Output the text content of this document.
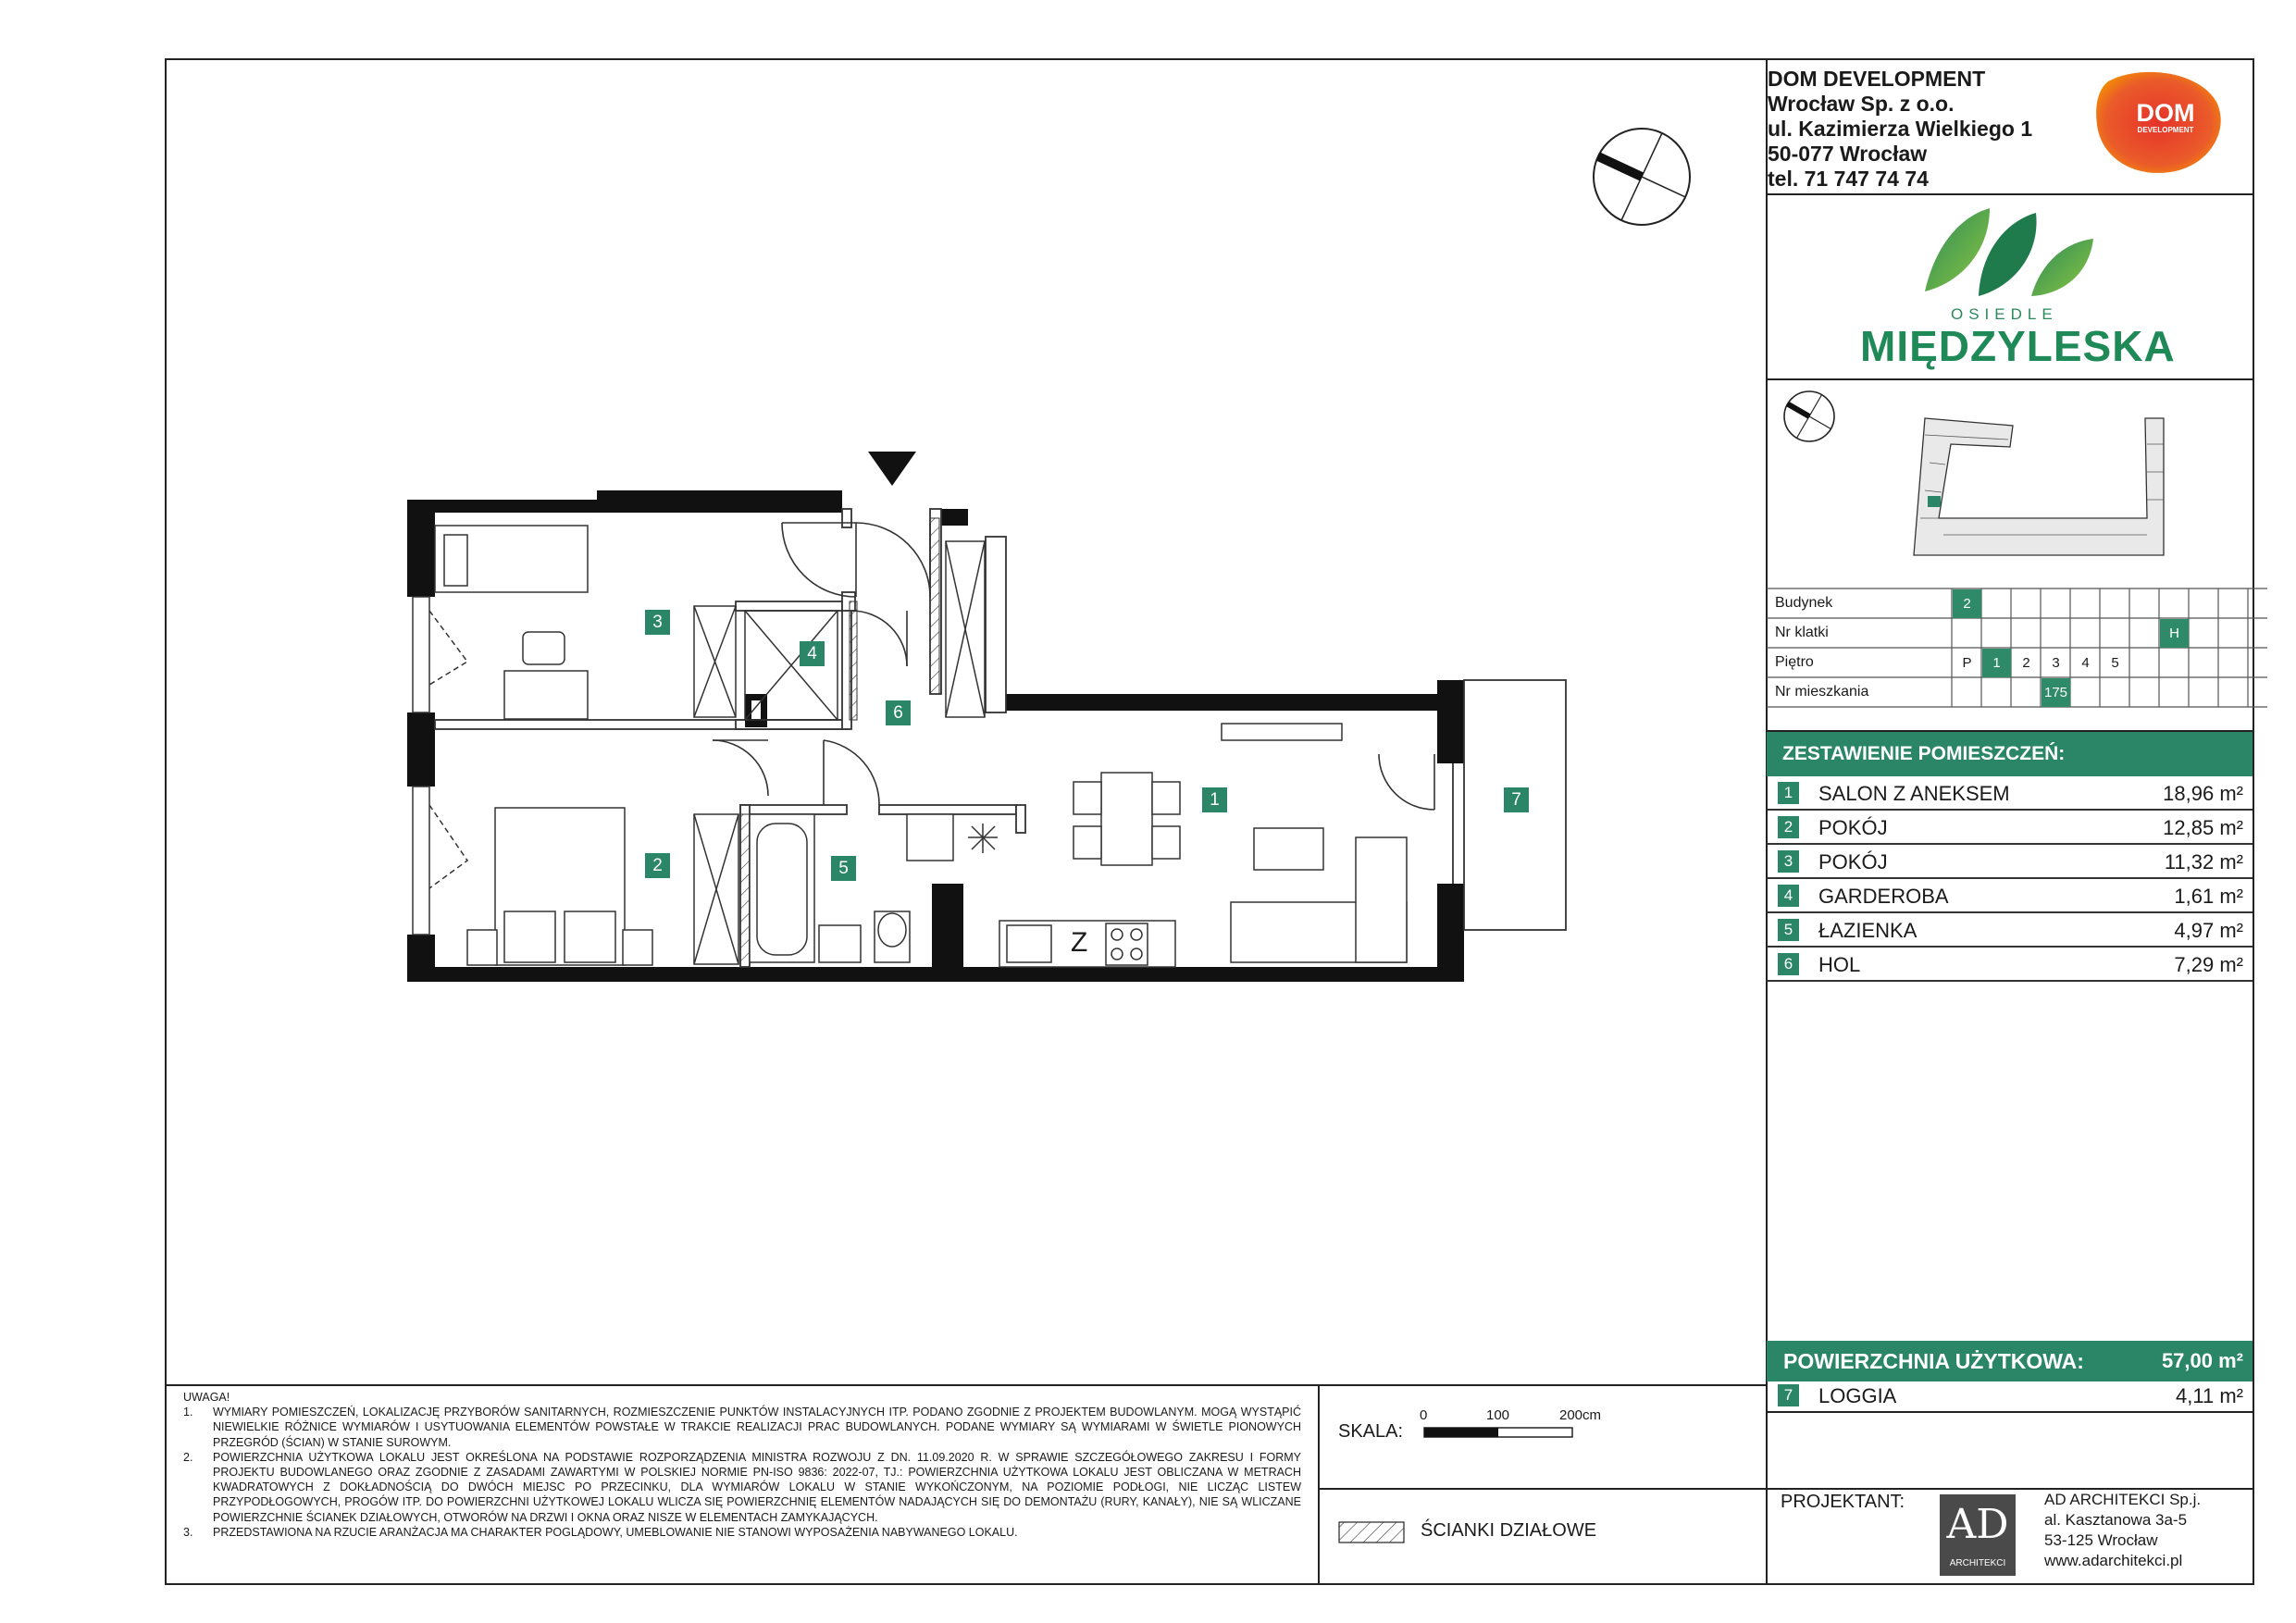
DOM DEVELOPMENT
Wrocław Sp. z o.o.
ul. Kazimierza Wielkiego 1
50-077 Wrocław
tel. 71 747 74 74
DOM
DEVELOPMENT
OSIEDLE
MIĘDZYLESKA
Budynek	2
Nr klatki	H
Piętro	P	1	2	3	4	5
Nr mieszkania	175
ZESTAWIENIE POMIESZCZEŃ:
1	SALON Z ANEKSEM	18,96 m²
2	POKÓJ	12,85 m²
3	POKÓJ	11,32 m²
4	GARDEROBA	1,61 m²
5	ŁAZIENKA	4,97 m²
6	HOL	7,29 m²
POWIERZCHNIA UŻYTKOWA:	57,00 m²
7	LOGGIA	4,11 m²
1
2
3
4
5
6
7
Z
UWAGA!
1. WYMIARY POMIESZCZEŃ, LOKALIZACJĘ PRZYBORÓW SANITARNYCH, ROZMIESZCZENIE PUNKTÓW INSTALACYJNYCH ITP. PODANO ZGODNIE Z PROJEKTEM BUDOWLANYM. MOGĄ WYSTĄPIĆ NIEWIELKIE RÓŻNICE WYMIARÓW I USYTUOWANIA ELEMENTÓW POWSTAŁE W TRAKCIE REALIZACJI PRAC BUDOWLANYCH. PODANE WYMIARY SĄ WYMIARAMI W ŚWIETLE PIONOWYCH PRZEGRÓD (ŚCIAN) W STANIE SUROWYM.
2. POWIERZCHNIA UŻYTKOWA LOKALU JEST OKREŚLONA NA PODSTAWIE ROZPORZĄDZENIA MINISTRA ROZWOJU Z DN. 11.09.2020 R. W SPRAWIE SZCZEGÓŁOWEGO ZAKRESU I FORMY PROJEKTU BUDOWLANEGO ORAZ ZGODNIE Z ZASADAMI ZAWARTYMI W POLSKIEJ NORMIE PN-ISO 9836: 2022-07, TJ.: POWIERZCHNIA UŻYTKOWA LOKALU JEST OBLICZANA W METRACH KWADRATOWYCH Z DOKŁADNOŚCIĄ DO DWÓCH MIEJSC PO PRZECINKU, DLA WYMIARÓW LOKALU W STANIE WYKOŃCZONYM, NA POZIOMIE PODŁOGI, NIE LICZĄC LISTEW PRZYPODŁOGOWYCH, PROGÓW ITP. DO POWIERZCHNI UŻYTKOWEJ LOKALU WLICZA SIĘ POWIERZCHNIĘ ELEMENTÓW NADAJĄCYCH SIĘ DO DEMONTAŻU (RURY, KANAŁY), NIE SĄ WLICZANE POWIERZCHNIE ŚCIANEK DZIAŁOWYCH, OTWORÓW NA DRZWI I OKNA ORAZ NISZE W ELEMENTACH ZAMYKAJĄCYCH.
3. PRZEDSTAWIONA NA RZUCIE ARANŻACJA MA CHARAKTER POGLĄDOWY, UMEBLOWANIE NIE STANOWI WYPOSAŻENIA NABYWANEGO LOKALU.
SKALA:
0	100	200cm
ŚCIANKI DZIAŁOWE
PROJEKTANT: AD
ARCHITEKCI
AD ARCHITEKCI Sp.j.
al. Kasztanowa 3a-5
53-125 Wrocław
www.adarchitekci.pl
